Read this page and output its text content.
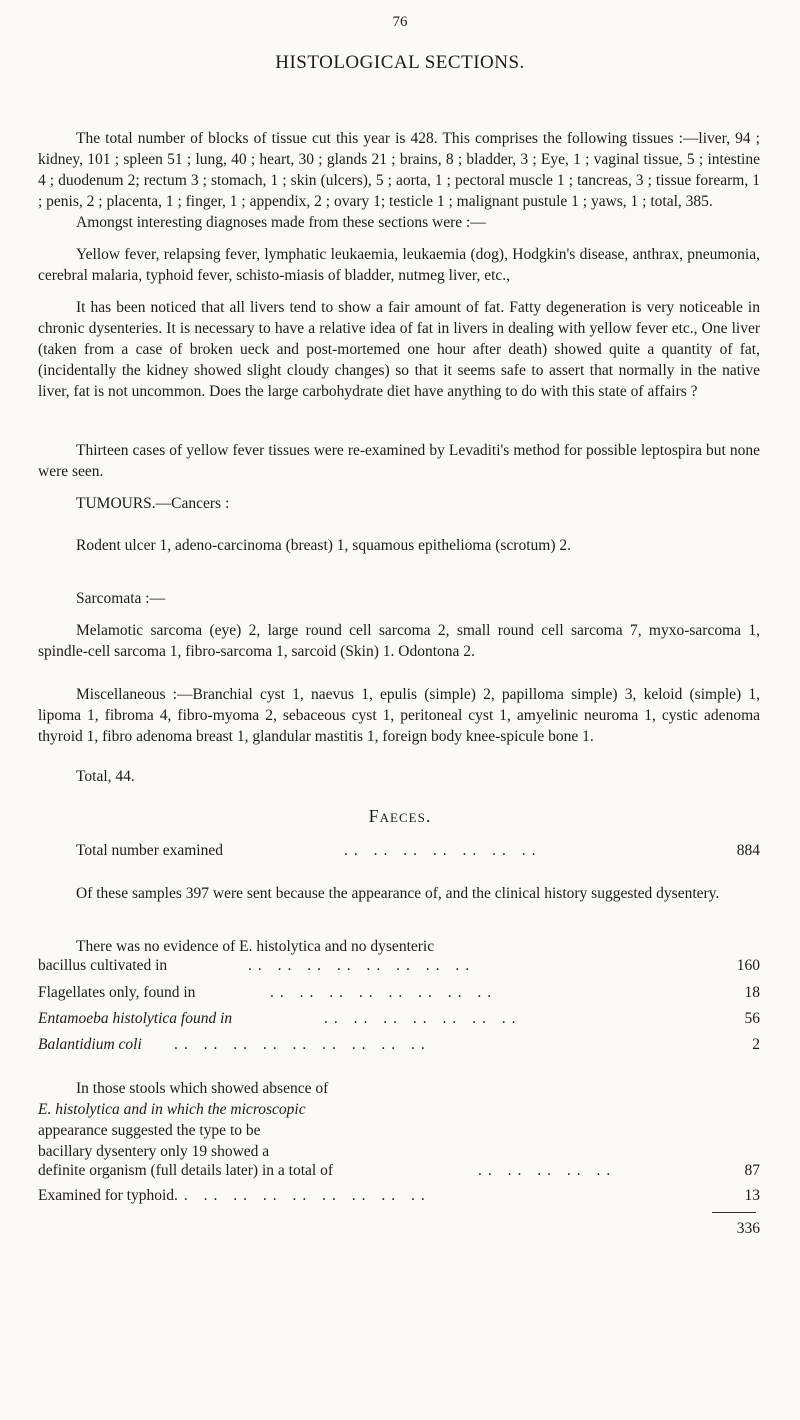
76
HISTOLOGICAL SECTIONS.
The total number of blocks of tissue cut this year is 428. This comprises the following tissues :—liver, 94 ; kidney, 101 ; spleen 51 ; lung, 40 ; heart, 30 ; glands 21 ; brains, 8 ; bladder, 3 ; Eye, 1 ; vaginal tissue, 5 ; intestine 4 ; duodenum 2; rectum 3 ; stomach, 1 ; skin (ulcers), 5 ; aorta, 1 ; pectoral muscle 1 ; tancreas, 3 ; tissue forearm, 1 ; penis, 2 ; placenta, 1 ; finger, 1 ; appendix, 2 ; ovary 1; testicle 1 ; malignant pustule 1 ; yaws, 1 ; total, 385.
Amongst interesting diagnoses made from these sections were :—
Yellow fever, relapsing fever, lymphatic leukaemia, leukaemia (dog), Hodgkin's disease, anthrax, pneumonia, cerebral malaria, typhoid fever, schisto-miasis of bladder, nutmeg liver, etc.,
It has been noticed that all livers tend to show a fair amount of fat. Fatty degeneration is very noticeable in chronic dysenteries. It is necessary to have a relative idea of fat in livers in dealing with yellow fever etc., One liver (taken from a case of broken ueck and post-mortemed one hour after death) showed quite a quantity of fat, (incidentally the kidney showed slight cloudy changes) so that it seems safe to assert that normally in the native liver, fat is not uncommon. Does the large carbohydrate diet have anything to do with this state of affairs ?
Thirteen cases of yellow fever tissues were re-examined by Levaditi's method for possible leptospira but none were seen.
TUMOURS.—Cancers :
Rodent ulcer 1, adeno-carcinoma (breast) 1, squamous epithelioma (scrotum) 2.
Sarcomata :—
Melamotic sarcoma (eye) 2, large round cell sarcoma 2, small round cell sarcoma 7, myxo-sarcoma 1, spindle-cell sarcoma 1, fibro-sarcoma 1, sarcoid (Skin) 1. Odontona 2.
Miscellaneous :—Branchial cyst 1, naevus 1, epulis (simple) 2, papilloma simple) 3, keloid (simple) 1, lipoma 1, fibroma 4, fibro-myoma 2, sebaceous cyst 1, peritoneal cyst 1, amyelinic neuroma 1, cystic adenoma thyroid 1, fibro adenoma breast 1, glandular mastitis 1, foreign body knee-spicule bone 1.
Total, 44.
Faeces.
Total number examined	.. .. .. .. .. .. ..	884
Of these samples 397 were sent because the appearance of, and the clinical history suggested dysentery.
There was no evidence of E. histolytica and no dysenteric
bacillus cultivated in	.. .. .. .. .. .. .. ..	160
Flagellates only, found in	.. .. .. .. .. .. .. ..	18
Entamoeba histolytica found in	.. .. .. .. .. .. ..	56
Balantidium coli .. .. .. .. .. .. .. .. ..	2
In those stools which showed absence of
E. histolytica and in which the microscopic
appearance suggested the type to be
bacillary dysentery only 19 showed a
definite organism (full details later) in a total of	.. .. .. .. ..	87
Examined for typhoid .. .. .. .. .. .. .. .. ..	13
336
